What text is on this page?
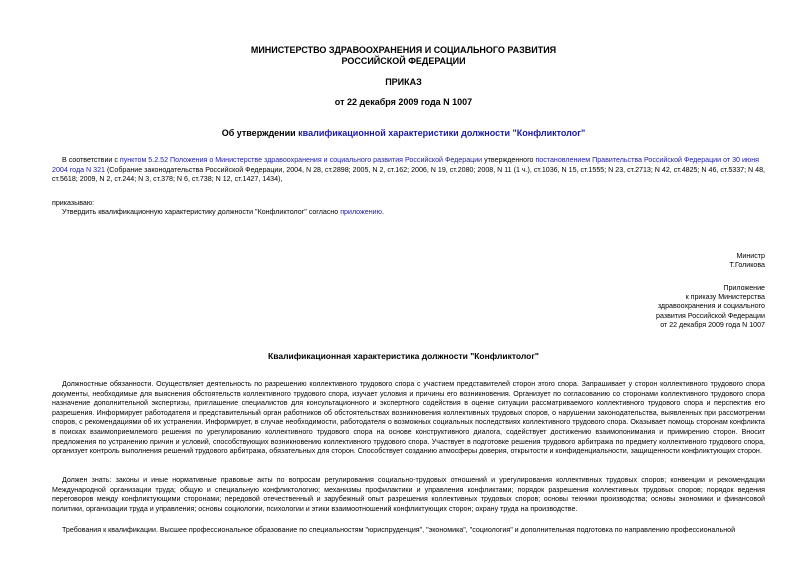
МИНИСТЕРСТВО ЗДРАВООХРАНЕНИЯ И СОЦИАЛЬНОГО РАЗВИТИЯ
РОССИЙСКОЙ ФЕДЕРАЦИИ
ПРИКАЗ
от 22 декабря 2009 года N 1007
Об утверждении квалификационной характеристики должности "Конфликтолог"
В соответствии с пунктом 5.2.52 Положения о Министерстве здравоохранения и социального развития Российской Федерации утвержденного постановлением Правительства Российской Федерации от 30 июня 2004 года N 321 (Собрание законодательства Российской Федерации, 2004, N 28, ст.2898; 2005, N 2, ст.162; 2006, N 19, ст.2080; 2008, N 11 (1 ч.), ст.1036, N 15, ст.1555; N 23, ст.2713; N 42, ст.4825; N 46, ст.5337; N 48, ст.5618; 2009, N 2, ст.244; N 3, ст.378; N 6, ст.738; N 12, ст.1427, 1434),
приказываю:
Утвердить квалификационную характеристику должности "Конфликтолог" согласно приложению.
Министр
Т.Голикова
Приложение
к приказу Министерства
здравоохранения и социального
развития Российской Федерации
от 22 декабря 2009 года N 1007
Квалификационная характеристика должности "Конфликтолог"
Должностные обязанности. Осуществляет деятельность по разрешению коллективного трудового спора с участием представителей сторон этого спора. Запрашивает у сторон коллективного трудового спора документы, необходимые для выяснения обстоятельств коллективного трудового спора, изучает условия и причины его возникновения. Организует по согласованию со сторонами коллективного трудового спора назначение дополнительной экспертизы, приглашение специалистов для консультационного и экспертного содействия в оценке ситуации рассматриваемого коллективного трудового спора и перспектив его разрешения. Информирует работодателя и представительный орган работников об обстоятельствах возникновения коллективных трудовых споров, о нарушении законодательства, выявленных при рассмотрении споров, с рекомендациями об их устранении. Информирует, в случае необходимости, работодателя о возможных социальных последствиях коллективного трудового спора. Оказывает помощь сторонам конфликта в поисках взаимоприемлемого решения по урегулированию коллективного трудового спора на основе конструктивного диалога, содействует достижению взаимопонимания и примирению сторон. Вносит предложения по устранению причин и условий, способствующих возникновению коллективного трудового спора. Участвует в подготовке решения трудового арбитража по предмету коллективного трудового спора, организует контроль выполнения решений трудового арбитража, обязательных для сторон. Способствует созданию атмосферы доверия, открытости и конфиденциальности, защищенности конфликтующих сторон.
Должен знать: законы и иные нормативные правовые акты по вопросам регулирования социально-трудовых отношений и урегулирования коллективных трудовых споров; конвенции и рекомендации Международной организации труда; общую и специальную конфликтологию; механизмы профилактики и управления конфликтами; порядок разрешения коллективных трудовых споров; порядок ведения переговоров между конфликтующими сторонами; передовой отечественный и зарубежный опыт разрешения коллективных трудовых споров; основы техники производства; основы экономики и финансовой политики, организации труда и управления; основы социологии, психологии и этики взаимоотношений конфликтующих сторон; охрану труда на производстве.
Требования к квалификации. Высшее профессиональное образование по специальностям "юриспруденция", "экономика", "социология" и дополнительная подготовка по направлению профессиональной
